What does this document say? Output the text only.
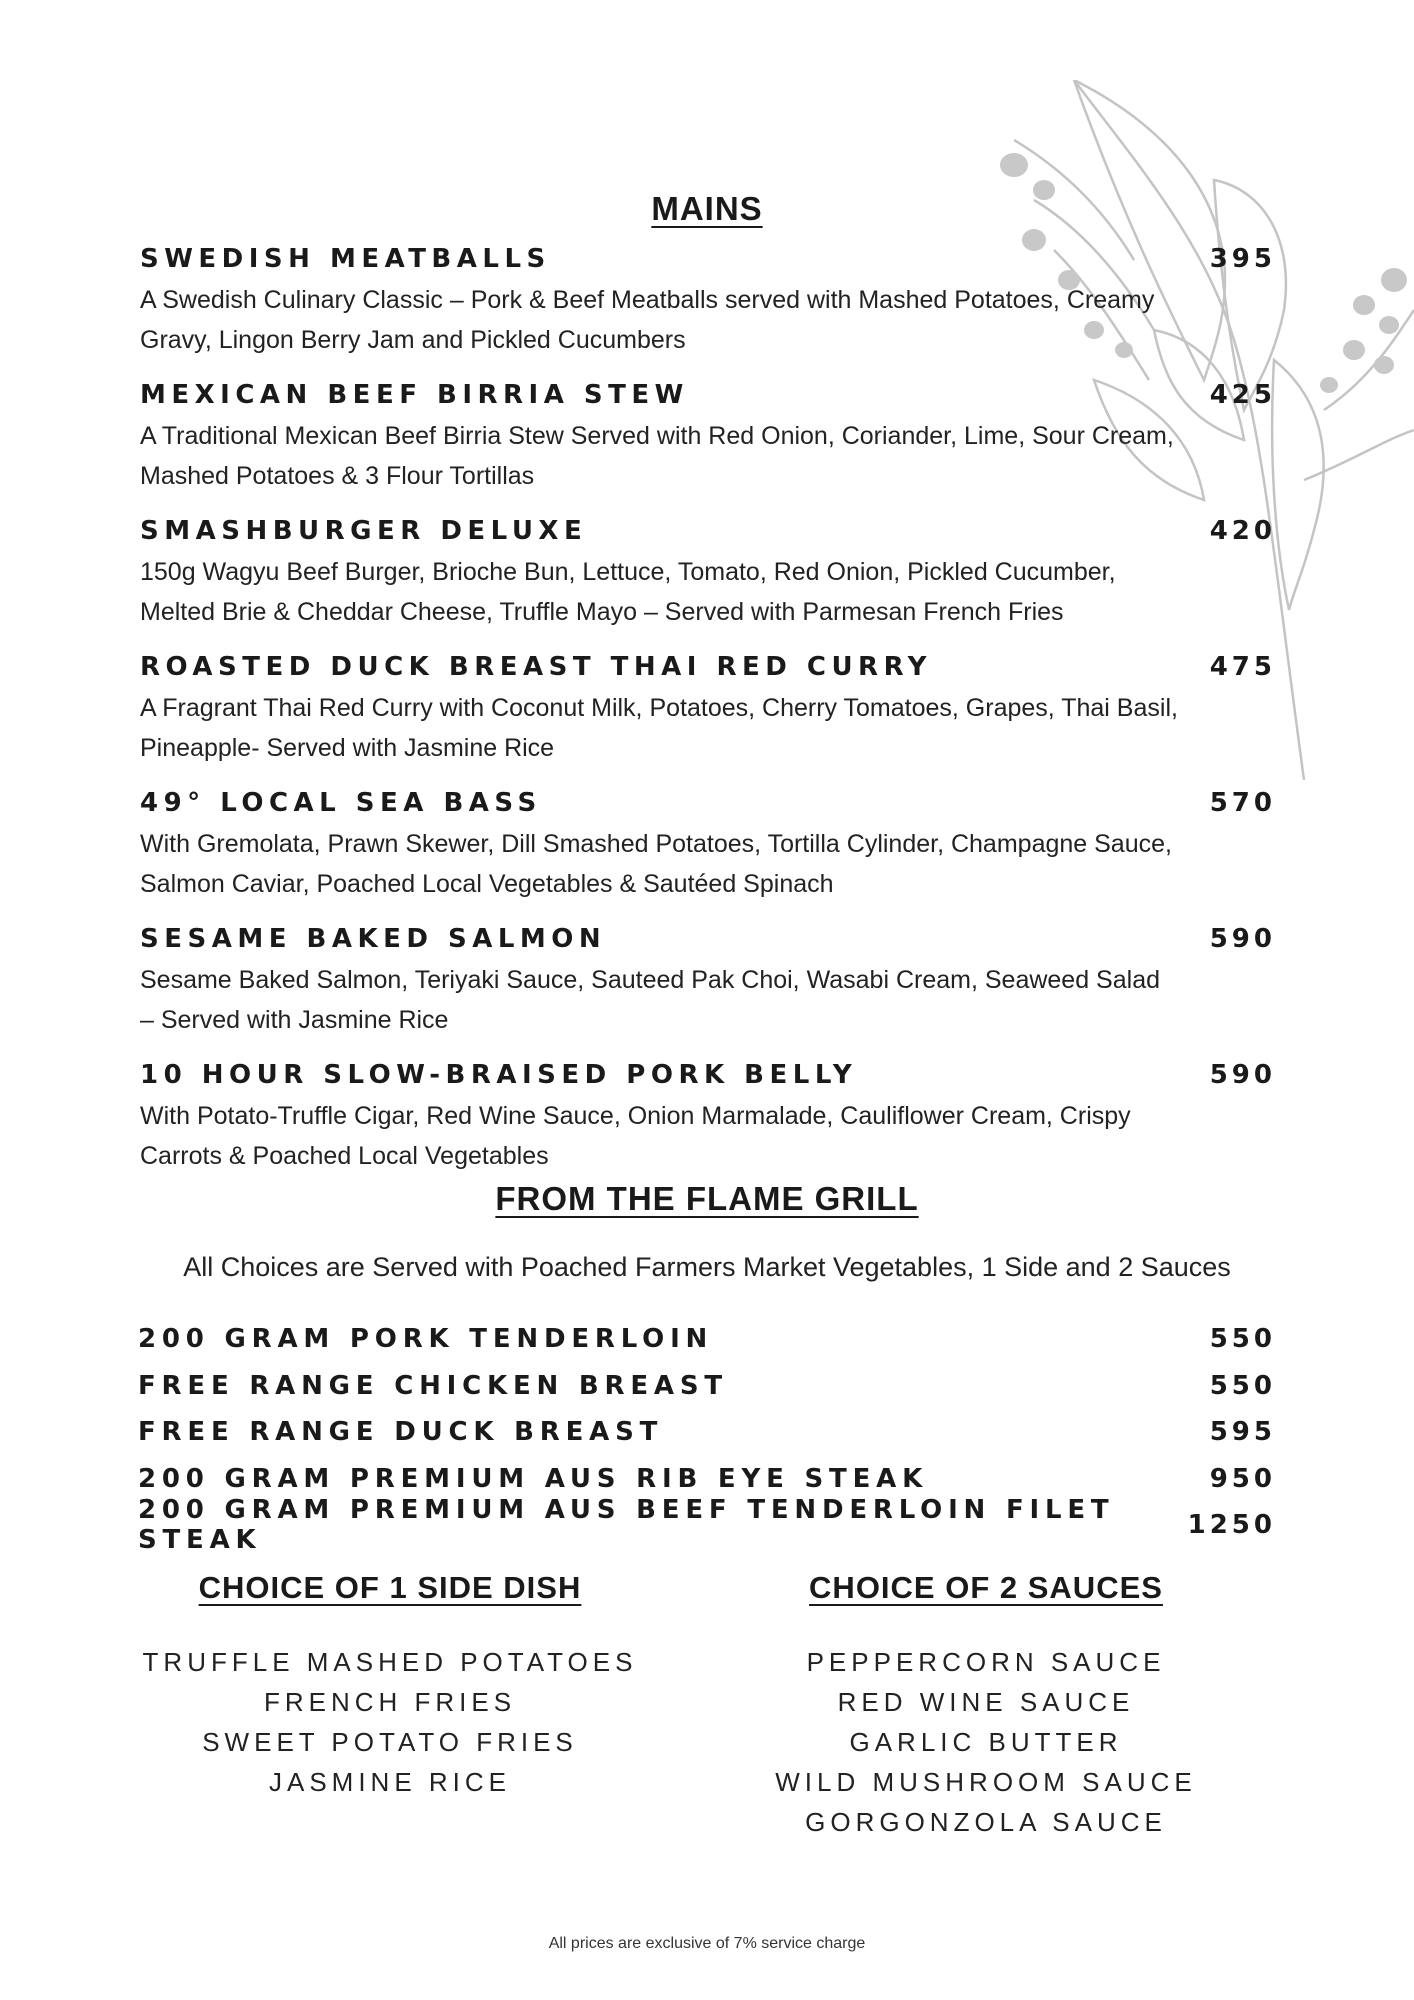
MAINS
SWEDISH MEATBALLS	395
A Swedish Culinary Classic – Pork & Beef Meatballs served with Mashed Potatoes, Creamy Gravy, Lingon Berry Jam and Pickled Cucumbers
MEXICAN BEEF BIRRIA STEW	425
A Traditional Mexican Beef Birria Stew Served with Red Onion, Coriander, Lime, Sour Cream, Mashed Potatoes & 3 Flour Tortillas
SMASHBURGER DELUXE	420
150g Wagyu Beef Burger, Brioche Bun, Lettuce, Tomato, Red Onion, Pickled Cucumber, Melted Brie & Cheddar Cheese, Truffle Mayo – Served with Parmesan French Fries
ROASTED DUCK BREAST THAI RED CURRY	475
A Fragrant Thai Red Curry with Coconut Milk, Potatoes, Cherry Tomatoes, Grapes, Thai Basil, Pineapple- Served with Jasmine Rice
49° LOCAL SEA BASS	570
With Gremolata, Prawn Skewer, Dill Smashed Potatoes, Tortilla Cylinder, Champagne Sauce, Salmon Caviar, Poached Local Vegetables & Sautéed Spinach
SESAME BAKED SALMON	590
Sesame Baked Salmon, Teriyaki Sauce, Sauteed Pak Choi, Wasabi Cream, Seaweed Salad – Served with Jasmine Rice
10 HOUR SLOW-BRAISED PORK BELLY	590
With Potato-Truffle Cigar, Red Wine Sauce, Onion Marmalade, Cauliflower Cream, Crispy Carrots & Poached Local Vegetables
FROM THE FLAME GRILL
All Choices are Served with Poached Farmers Market Vegetables, 1 Side and 2 Sauces
200 GRAM PORK TENDERLOIN	550
FREE RANGE CHICKEN BREAST	550
FREE RANGE DUCK BREAST	595
200 GRAM PREMIUM AUS RIB EYE STEAK	950
200 GRAM PREMIUM AUS BEEF TENDERLOIN FILET STEAK	1250
CHOICE OF 1 SIDE DISH
TRUFFLE MASHED POTATOES
FRENCH FRIES
SWEET POTATO FRIES
JASMINE RICE
CHOICE OF 2 SAUCES
PEPPERCORN SAUCE
RED WINE SAUCE
GARLIC BUTTER
WILD MUSHROOM SAUCE
GORGONZOLA SAUCE
All prices are exclusive of 7% service charge
